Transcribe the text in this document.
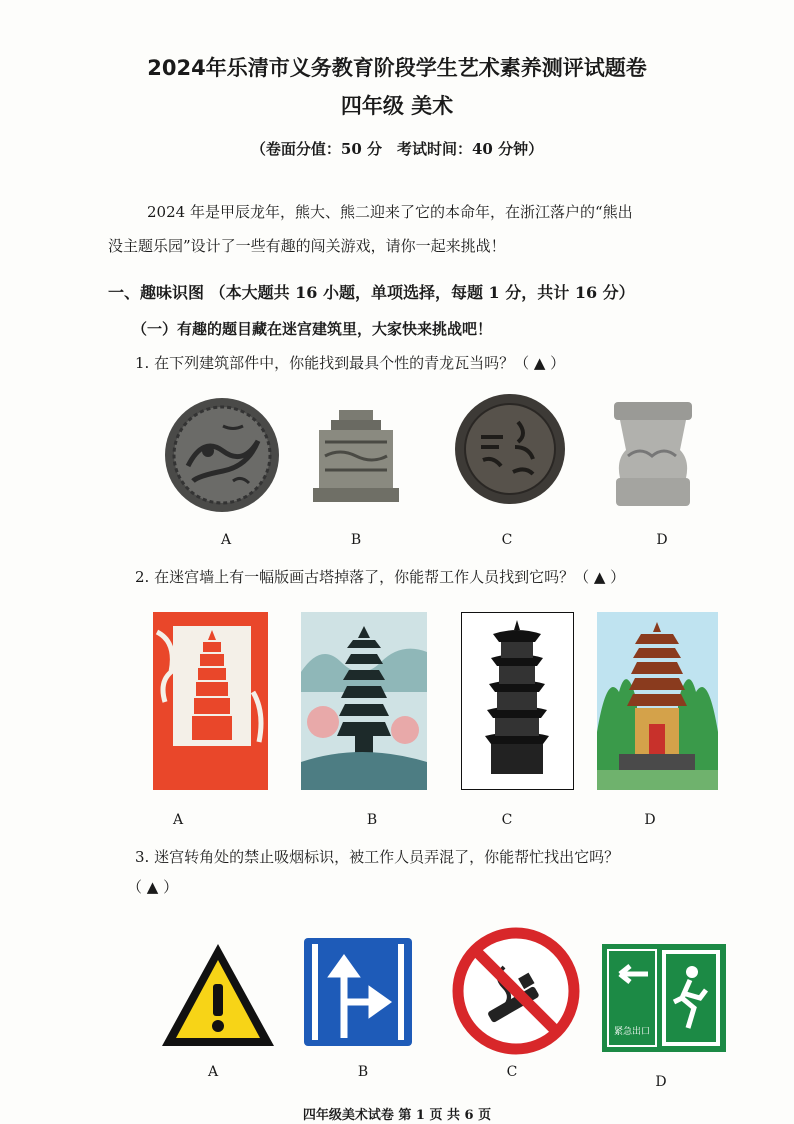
2024年乐清市义务教育阶段学生艺术素养测评试题卷
四年级 美术
（卷面分值：50 分　考试时间：40 分钟）
2024 年是甲辰龙年，熊大、熊二迎来了它的本命年，在浙江落户的“熊出
没主题乐园”设计了一些有趣的闯关游戏，请你一起来挑战！
一、趣味识图 （本大题共 16 小题，单项选择，每题 1 分，共计 16 分）
（一）有趣的题目藏在迷宫建筑里，大家快来挑战吧！
1. 在下列建筑部件中，你能找到最具个性的青龙瓦当吗？（ ▲ ）
A	B	C	D
2. 在迷宫墙上有一幅版画古塔掉落了，你能帮工作人员找到它吗？（ ▲ ）
A	B	C	D
3. 迷宫转角处的禁止吸烟标识，被工作人员弄混了，你能帮忙找出它吗？
（ ▲ ）
紧急出口
A	B	C
D
四年级美术试卷 第 1 页 共 6 页
